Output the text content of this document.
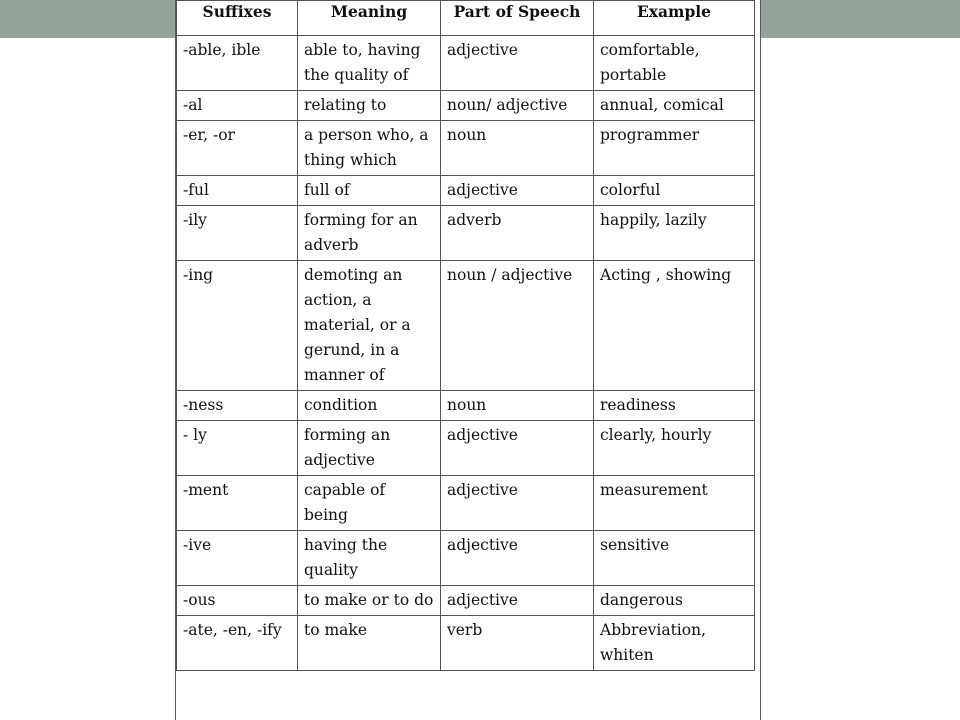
Suffixes	Meaning	Part of Speech	Example
-able, ible	able to, having the quality of	adjective	comfortable, portable
-al	relating to	noun/ adjective	annual, comical
-er, -or	a person who, a thing which	noun	programmer
-ful	full of	adjective	colorful
-ily	forming for an adverb	adverb	happily, lazily
-ing	demoting an action, a material, or a gerund, in a manner of	noun / adjective	Acting , showing
-ness	condition	noun	readiness
- ly	forming an adjective	adjective	clearly, hourly
-ment	capable of being	adjective	measurement
-ive	having the quality	adjective	sensitive
-ous	to make or to do	adjective	dangerous
-ate, -en, -ify	to make	verb	Abbreviation, whiten
